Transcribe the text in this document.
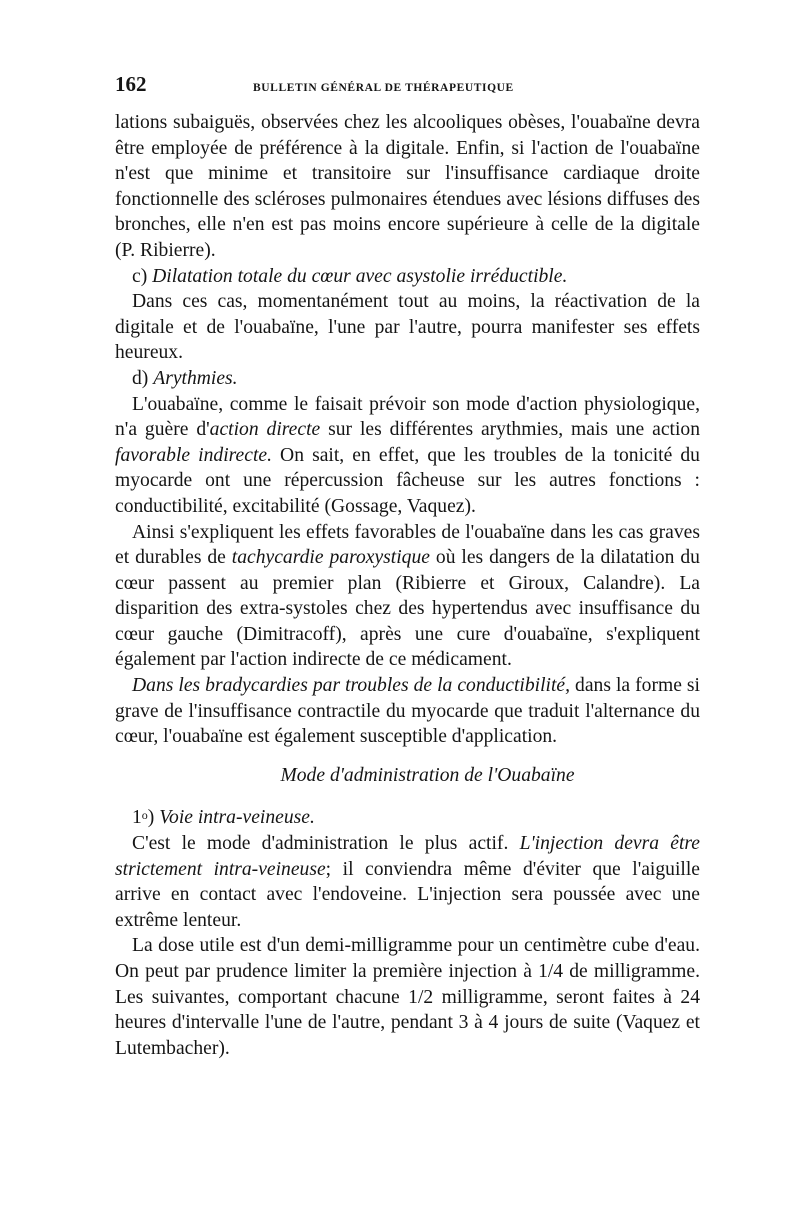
162	BULLETIN GÉNÉRAL DE THÉRAPEUTIQUE

lations subaiguës, observées chez les alcooliques obèses, l'ouabaïne devra être employée de préférence à la digitale. Enfin, si l'action de l'ouabaïne n'est que minime et transitoire sur l'insuffisance cardiaque droite fonctionnelle des scléroses pulmonaires étendues avec lésions diffuses des bronches, elle n'en est pas moins encore supérieure à celle de la digitale (P. Ribierre).

c) Dilatation totale du cœur avec asystolie irréductible.

Dans ces cas, momentanément tout au moins, la réactivation de la digitale et de l'ouabaïne, l'une par l'autre, pourra manifester ses effets heureux.

d) Arythmies.

L'ouabaïne, comme le faisait prévoir son mode d'action physiologique, n'a guère d'action directe sur les différentes arythmies, mais une action favorable indirecte. On sait, en effet, que les troubles de la tonicité du myocarde ont une répercussion fâcheuse sur les autres fonctions : conductibilité, excitabilité (Gossage, Vaquez).

Ainsi s'expliquent les effets favorables de l'ouabaïne dans les cas graves et durables de tachycardie paroxystique où les dangers de la dilatation du cœur passent au premier plan (Ribierre et Giroux, Calandre). La disparition des extra-systoles chez des hypertendus avec insuffisance du cœur gauche (Dimitracoff), après une cure d'ouabaïne, s'expliquent également par l'action indirecte de ce médicament.

Dans les bradycardies par troubles de la conductibilité, dans la forme si grave de l'insuffisance contractile du myocarde que traduit l'alternance du cœur, l'ouabaïne est également susceptible d'application.

Mode d'administration de l'Ouabaïne

1$^o$) Voie intra-veineuse.

C'est le mode d'administration le plus actif. L'injection devra être strictement intra-veineuse; il conviendra même d'éviter que l'aiguille arrive en contact avec l'endoveine. L'injection sera poussée avec une extrême lenteur.

La dose utile est d'un demi-milligramme pour un centimètre cube d'eau. On peut par prudence limiter la première injection à 1/4 de milligramme. Les suivantes, comportant chacune 1/2 milligramme, seront faites à 24 heures d'intervalle l'une de l'autre, pendant 3 à 4 jours de suite (Vaquez et Lutembacher).
